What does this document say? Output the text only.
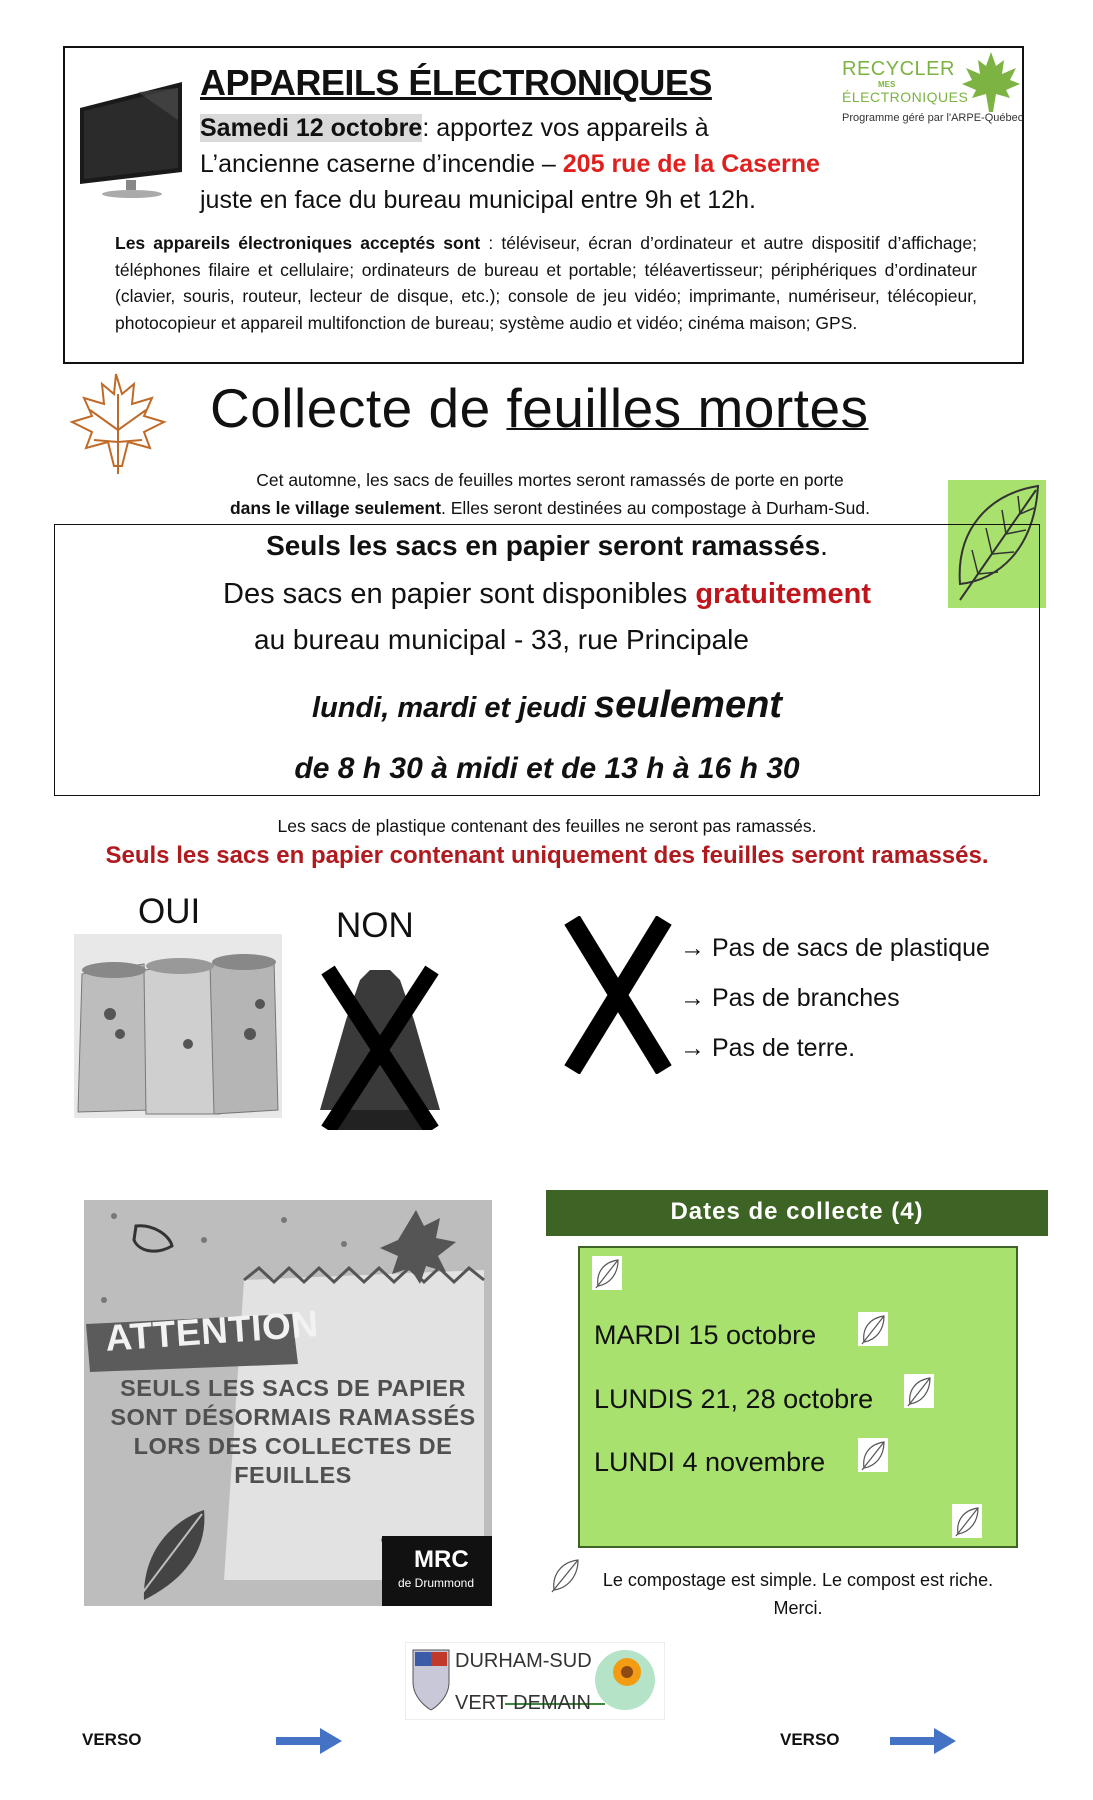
APPAREILS ÉLECTRONIQUES
Samedi 12 octobre: apportez vos appareils à
L’ancienne caserne d’incendie – 205 rue de la Caserne
juste en face du bureau municipal entre 9h et 12h.
Les appareils électroniques acceptés sont : téléviseur, écran d’ordinateur et autre dispositif d’affichage; téléphones filaire et cellulaire; ordinateurs de bureau et portable; téléavertisseur; périphériques d’ordinateur (clavier, souris, routeur, lecteur de disque, etc.); console de jeu vidéo; imprimante, numériseur, télécopieur, photocopieur et appareil multifonction de bureau; système audio et vidéo; cinéma maison; GPS.
RECYCLER
MES
ÉLECTRONIQUES
Programme géré par l'ARPE-Québec
Collecte de feuilles mortes
Cet automne, les sacs de feuilles mortes seront ramassés de porte en porte
dans le village seulement. Elles seront destinées au compostage à Durham-Sud.
Seuls les sacs en papier seront ramassés.
Des sacs en papier sont disponibles gratuitement
au bureau municipal - 33, rue Principale
lundi, mardi et jeudi seulement
de 8 h 30 à midi et de 13 h à 16 h 30
Les sacs de plastique contenant des feuilles ne seront pas ramassés.
Seuls les sacs en papier contenant uniquement des feuilles seront ramassés.
OUI	NON
→ Pas de sacs de plastique
→ Pas de branches
→ Pas de terre.
ATTENTION
SEULS LES SACS DE PAPIER SONT DÉSORMAIS RAMASSÉS LORS DES COLLECTES DE FEUILLES
MRC
de Drummond
Dates de collecte (4)
MARDI 15 octobre
LUNDIS 21, 28 octobre
LUNDI 4 novembre
Le compostage est simple. Le compost est riche.
Merci.
DURHAM-SUD
VERT DEMAIN
VERSO	VERSO
